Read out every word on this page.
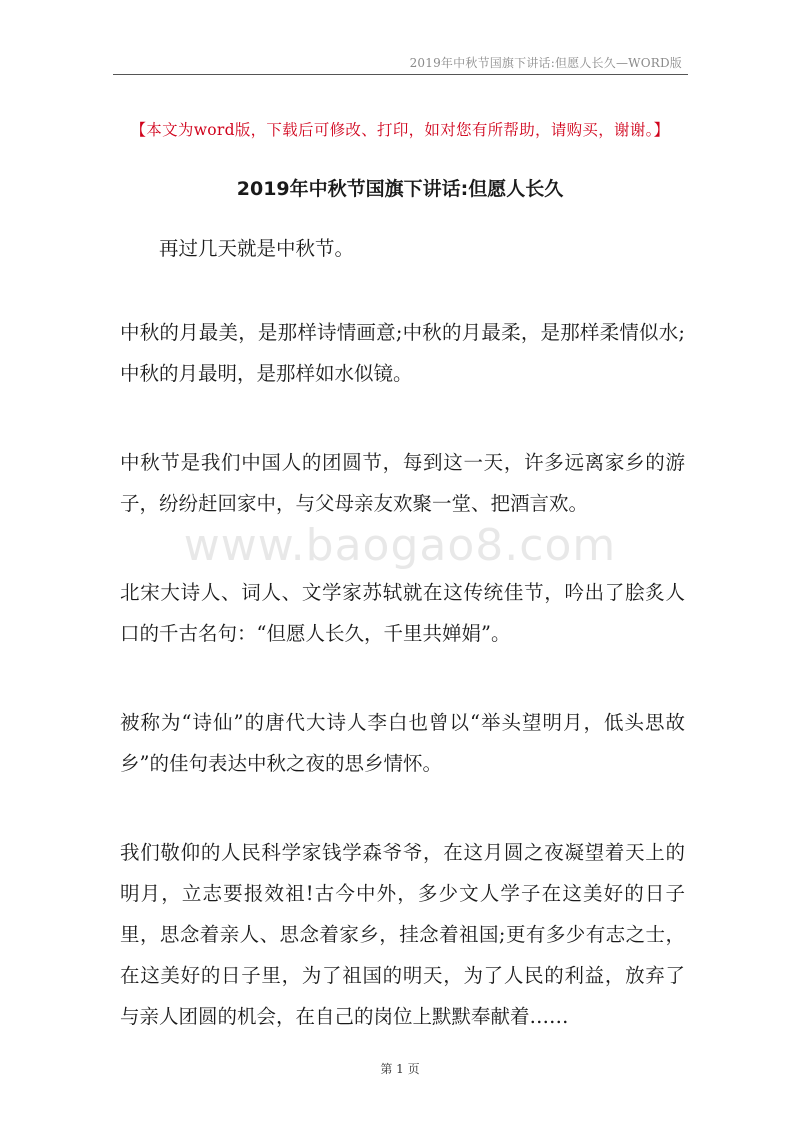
2019年中秋节国旗下讲话:但愿人长久—WORD版
【本文为word版，下载后可修改、打印，如对您有所帮助，请购买，谢谢。】
2019年中秋节国旗下讲话:但愿人长久

再过几天就是中秋节。

中秋的月最美，是那样诗情画意;中秋的月最柔，是那样柔情似水;中秋的月最明，是那样如水似镜。

中秋节是我们中国人的团圆节，每到这一天，许多远离家乡的游子，纷纷赶回家中，与父母亲友欢聚一堂、把酒言欢。

北宋大诗人、词人、文学家苏轼就在这传统佳节，吟出了脍炙人口的千古名句：“但愿人长久，千里共婵娟”。

被称为“诗仙”的唐代大诗人李白也曾以“举头望明月，低头思故乡”的佳句表达中秋之夜的思乡情怀。

我们敬仰的人民科学家钱学森爷爷，在这月圆之夜凝望着天上的明月，立志要报效祖!古今中外，多少文人学子在这美好的日子里，思念着亲人、思念着家乡，挂念着祖国;更有多少有志之士，在这美好的日子里，为了祖国的明天，为了人民的利益，放弃了与亲人团圆的机会，在自己的岗位上默默奉献着……

www.baogao8.com
第 1 页
